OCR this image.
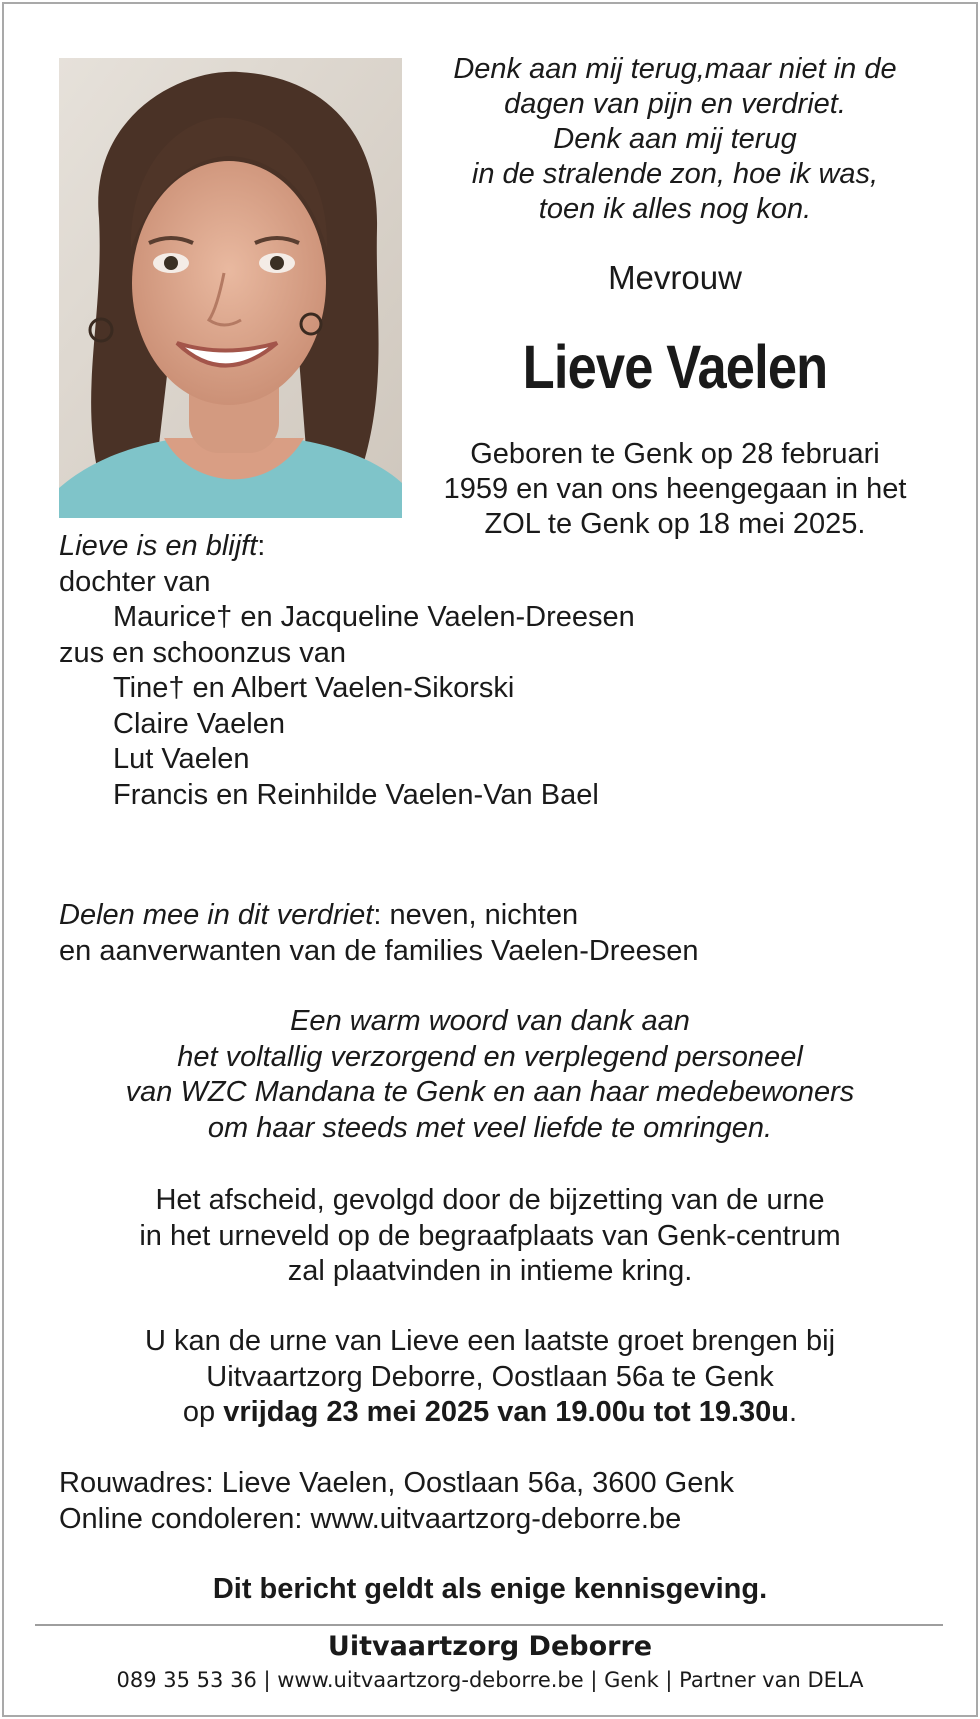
Denk aan mij terug,maar niet in de
dagen van pijn en verdriet.
Denk aan mij terug
in de stralende zon, hoe ik was,
toen ik alles nog kon.
Mevrouw
Lieve Vaelen
Geboren te Genk op 28 februari
1959 en van ons heengegaan in het
ZOL te Genk op 18 mei 2025.
Lieve is en blijft:
dochter van
Maurice† en Jacqueline Vaelen-Dreesen
zus en schoonzus van
Tine† en Albert Vaelen-Sikorski
Claire Vaelen
Lut Vaelen
Francis en Reinhilde Vaelen-Van Bael
Delen mee in dit verdriet: neven, nichten
en aanverwanten van de families Vaelen-Dreesen
Een warm woord van dank aan
het voltallig verzorgend en verplegend personeel
van WZC Mandana te Genk en aan haar medebewoners
om haar steeds met veel liefde te omringen.
Het afscheid, gevolgd door de bijzetting van de urne
in het urneveld op de begraafplaats van Genk-centrum
zal plaatvinden in intieme kring.
U kan de urne van Lieve een laatste groet brengen bij
Uitvaartzorg Deborre, Oostlaan 56a te Genk
op vrijdag 23 mei 2025 van 19.00u tot 19.30u.
Rouwadres: Lieve Vaelen, Oostlaan 56a, 3600 Genk
Online condoleren: www.uitvaartzorg-deborre.be
Dit bericht geldt als enige kennisgeving.
Uitvaartzorg Deborre
089 35 53 36 | www.uitvaartzorg-deborre.be | Genk | Partner van DELA
